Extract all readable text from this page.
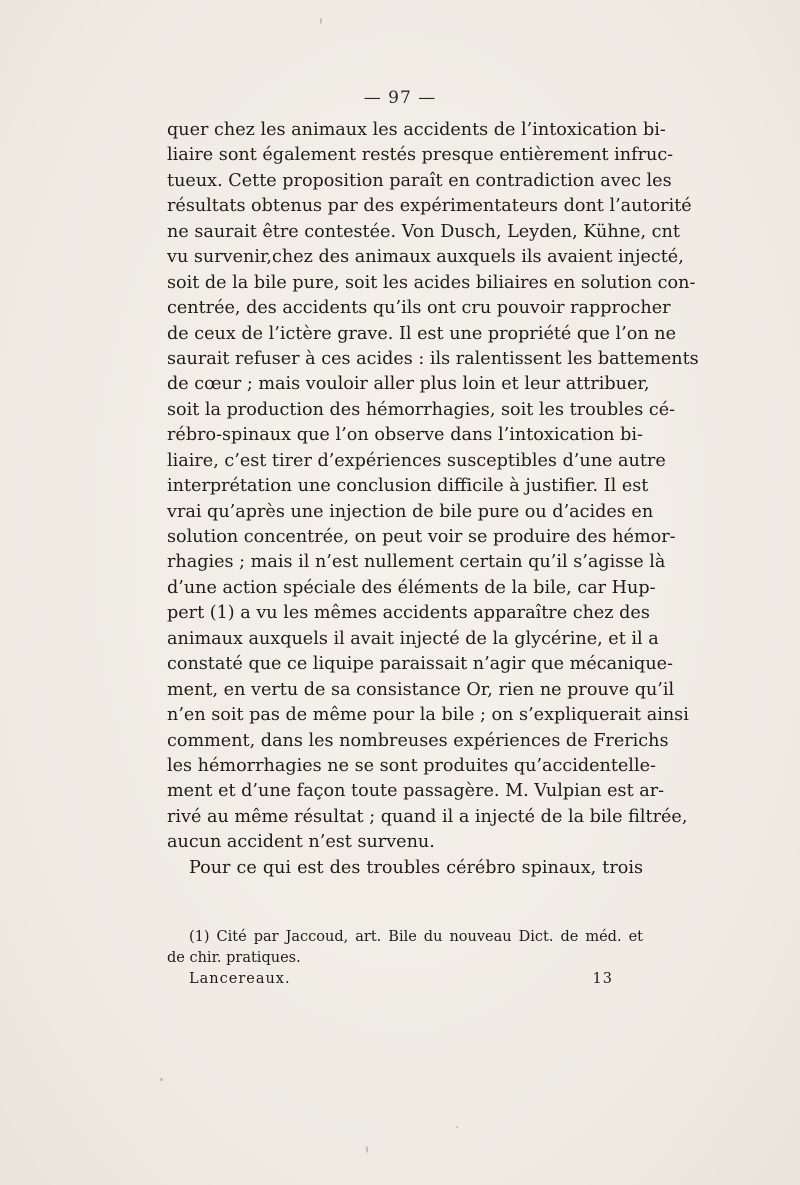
— 97 —
quer chez les animaux les accidents de l’intoxication bi-
liaire sont également restés presque entièrement infruc-
tueux. Cette proposition paraît en contradiction avec les
résultats obtenus par des expérimentateurs dont l’autorité
ne saurait être contestée. Von Dusch, Leyden, Kühne, cnt
vu survenir,chez des animaux auxquels ils avaient injecté,
soit de la bile pure, soit les acides biliaires en solution con-
centrée, des accidents qu’ils ont cru pouvoir rapprocher
de ceux de l’ictère grave. Il est une propriété que l’on ne
saurait refuser à ces acides : ils ralentissent les battements
de cœur ; mais vouloir aller plus loin et leur attribuer,
soit la production des hémorrhagies, soit les troubles cé-
rébro-spinaux que l’on observe dans l’intoxication bi-
liaire, c’est tirer d’expériences susceptibles d’une autre
interprétation une conclusion difficile à justifier. Il est
vrai qu’après une injection de bile pure ou d’acides en
solution concentrée, on peut voir se produire des hémor-
rhagies ; mais il n’est nullement certain qu’il s’agisse là
d’une action spéciale des éléments de la bile, car Hup-
pert (1) a vu les mêmes accidents apparaître chez des
animaux auxquels il avait injecté de la glycérine, et il a
constaté que ce liquipe paraissait n’agir que mécanique-
ment, en vertu de sa consistance Or, rien ne prouve qu’il
n’en soit pas de même pour la bile ; on s’expliquerait ainsi
comment, dans les nombreuses expériences de Frerichs
les hémorrhagies ne se sont produites qu’accidentelle-
ment et d’une façon toute passagère. M. Vulpian est ar-
rivé au même résultat ; quand il a injecté de la bile filtrée,
aucun accident n’est survenu.
Pour ce qui est des troubles cérébro spinaux, trois
(1) Cité par Jaccoud, art. Bile du nouveau Dict. de méd. et
de chir. pratiques.
Lancereaux.	13
